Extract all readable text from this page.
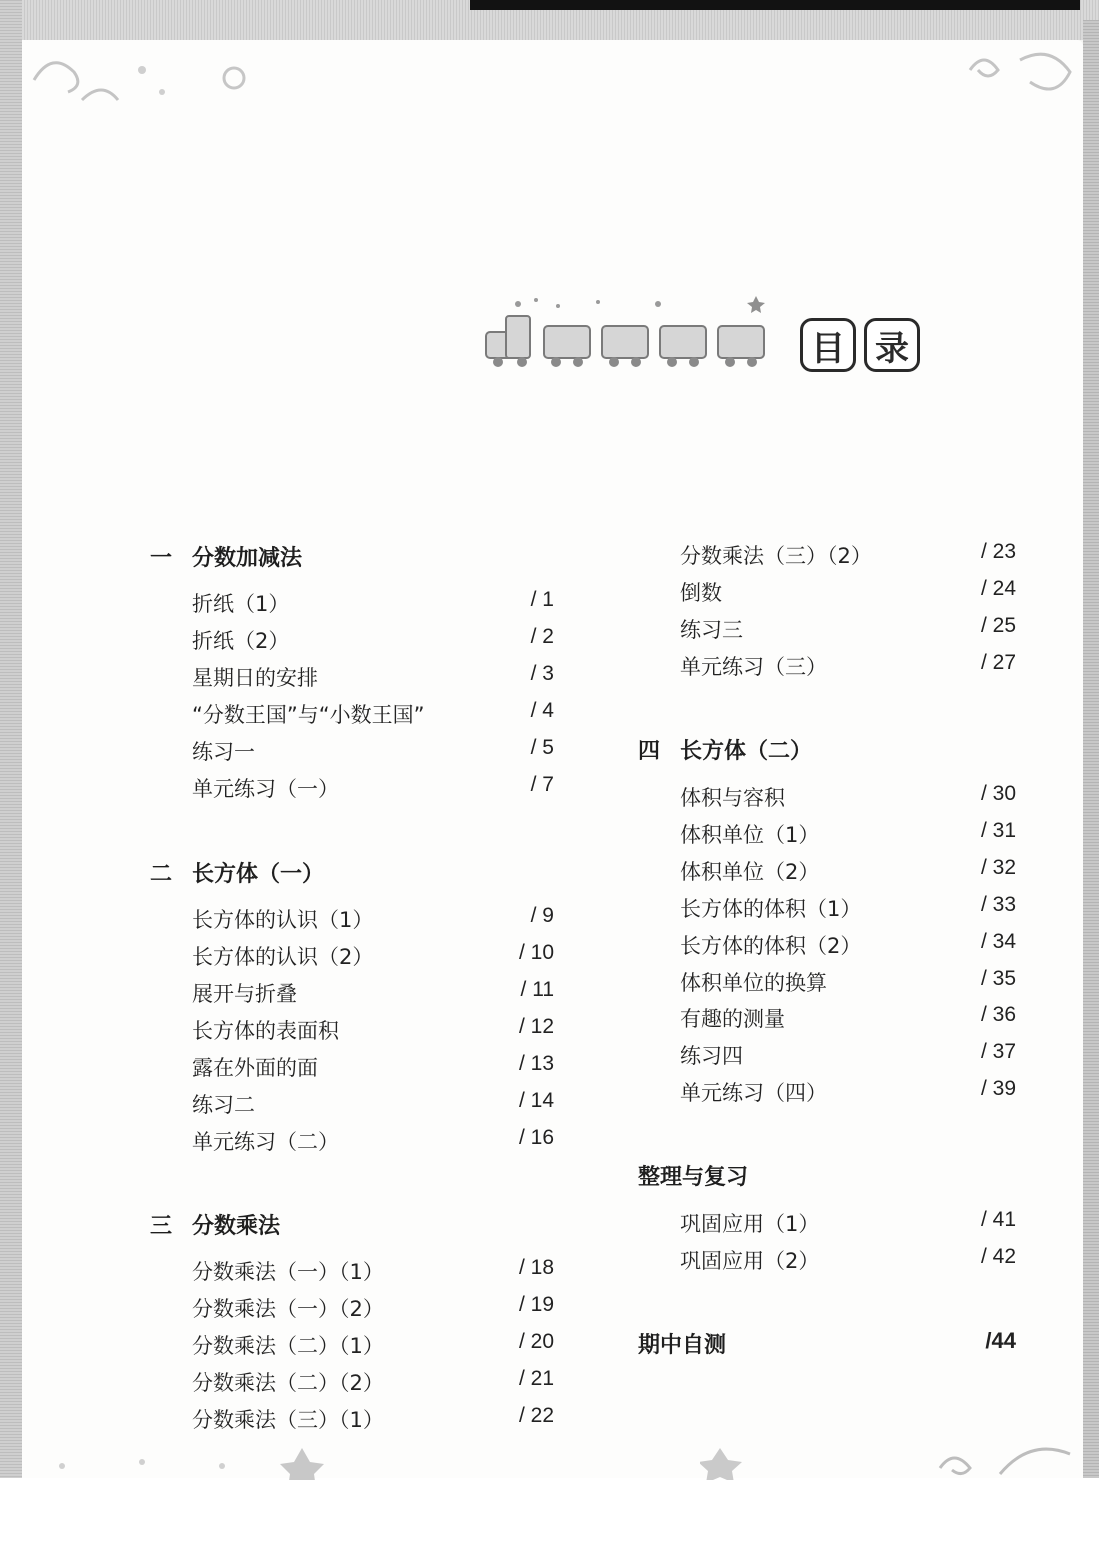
目 录
一 分数加减法
折纸（1）	/ 1
折纸（2）	/ 2
星期日的安排	/ 3
“分数王国”与“小数王国”	/ 4
练习一	/ 5
单元练习（一）	/ 7
二 长方体（一）
长方体的认识（1）	/ 9
长方体的认识（2）	/ 10
展开与折叠	/ 11
长方体的表面积	/ 12
露在外面的面	/ 13
练习二	/ 14
单元练习（二）	/ 16
三 分数乘法
分数乘法（一）（1）	/ 18
分数乘法（一）（2）	/ 19
分数乘法（二）（1）	/ 20
分数乘法（二）（2）	/ 21
分数乘法（三）（1）	/ 22
分数乘法（三）（2）	/ 23
倒数	/ 24
练习三	/ 25
单元练习（三）	/ 27
四 长方体（二）
体积与容积	/ 30
体积单位（1）	/ 31
体积单位（2）	/ 32
长方体的体积（1）	/ 33
长方体的体积（2）	/ 34
体积单位的换算	/ 35
有趣的测量	/ 36
练习四	/ 37
单元练习（四）	/ 39
整理与复习
巩固应用（1）	/ 41
巩固应用（2）	/ 42
期中自测	/44
